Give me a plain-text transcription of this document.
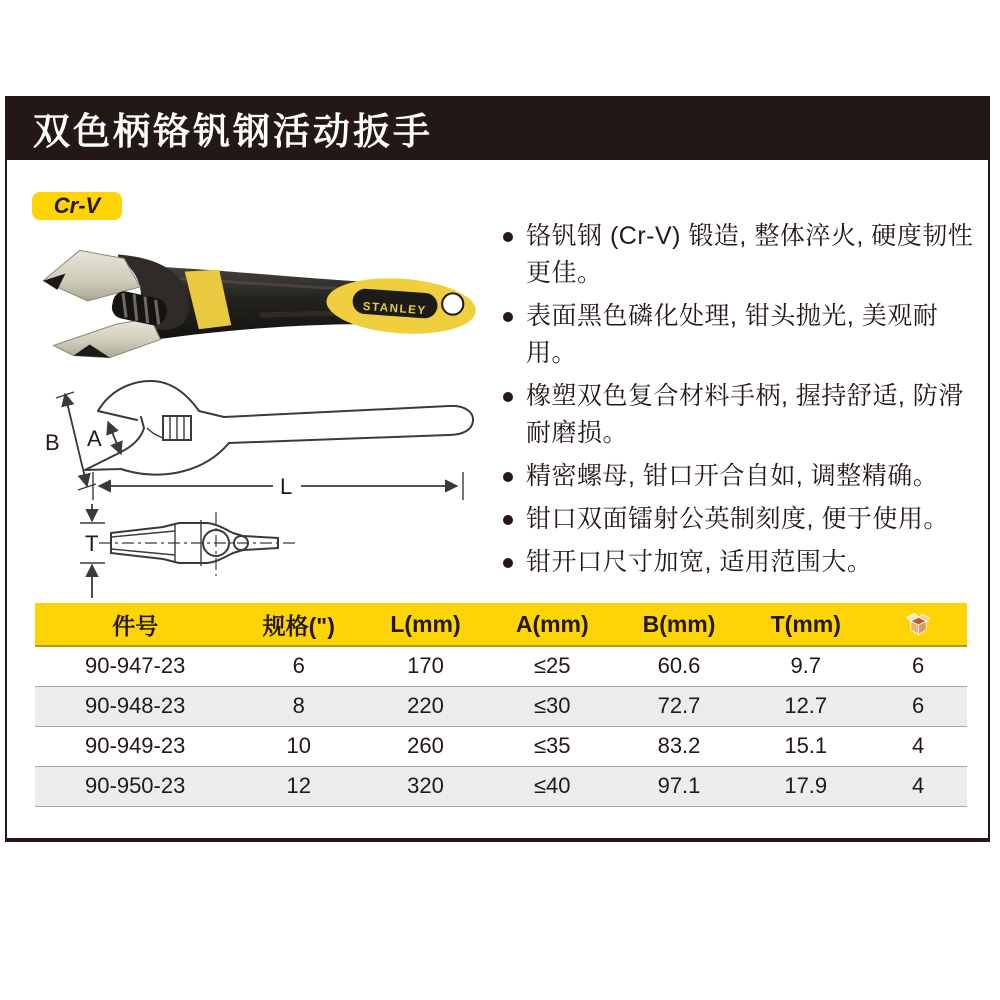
双色柄铬钒钢活动扳手
Cr-V
STANLEY
B A
L
T
铬钒钢 (Cr-V) 锻造, 整体淬火, 硬度韧性更佳。
表面黑色磷化处理, 钳头抛光, 美观耐用。
橡塑双色复合材料手柄, 握持舒适, 防滑耐磨损。
精密螺母, 钳口开合自如, 调整精确。
钳口双面镭射公英制刻度, 便于使用。
钳开口尺寸加宽, 适用范围大。
件号	规格(")	L(mm)	A(mm)	B(mm)	T(mm)	
90-947-23	6	170	≤25	60.6	9.7	6
90-948-23	8	220	≤30	72.7	12.7	6
90-949-23	10	260	≤35	83.2	15.1	4
90-950-23	12	320	≤40	97.1	17.9	4
